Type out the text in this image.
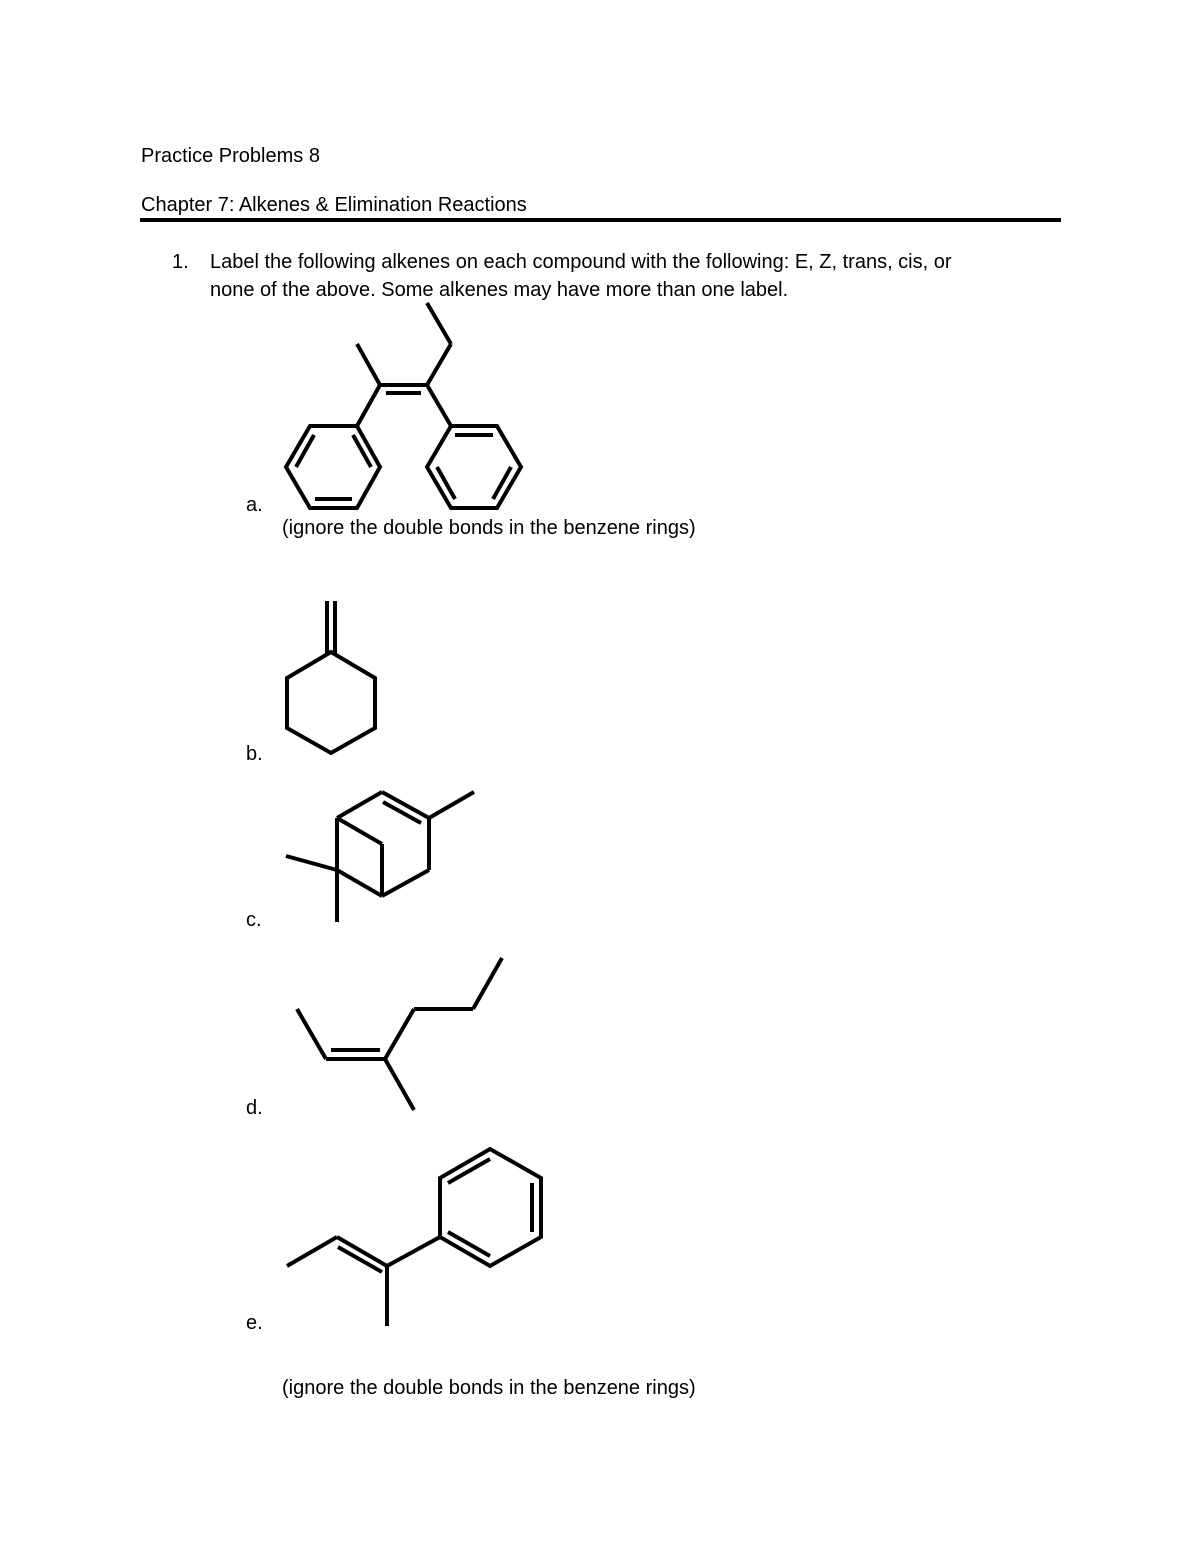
Practice Problems 8
Chapter 7: Alkenes & Elimination Reactions
1. Label the following alkenes on each compound with the following: E, Z, trans, cis, or
none of the above. Some alkenes may have more than one label.
a.
(ignore the double bonds in the benzene rings)
b.
c.
d.
e.
(ignore the double bonds in the benzene rings)
